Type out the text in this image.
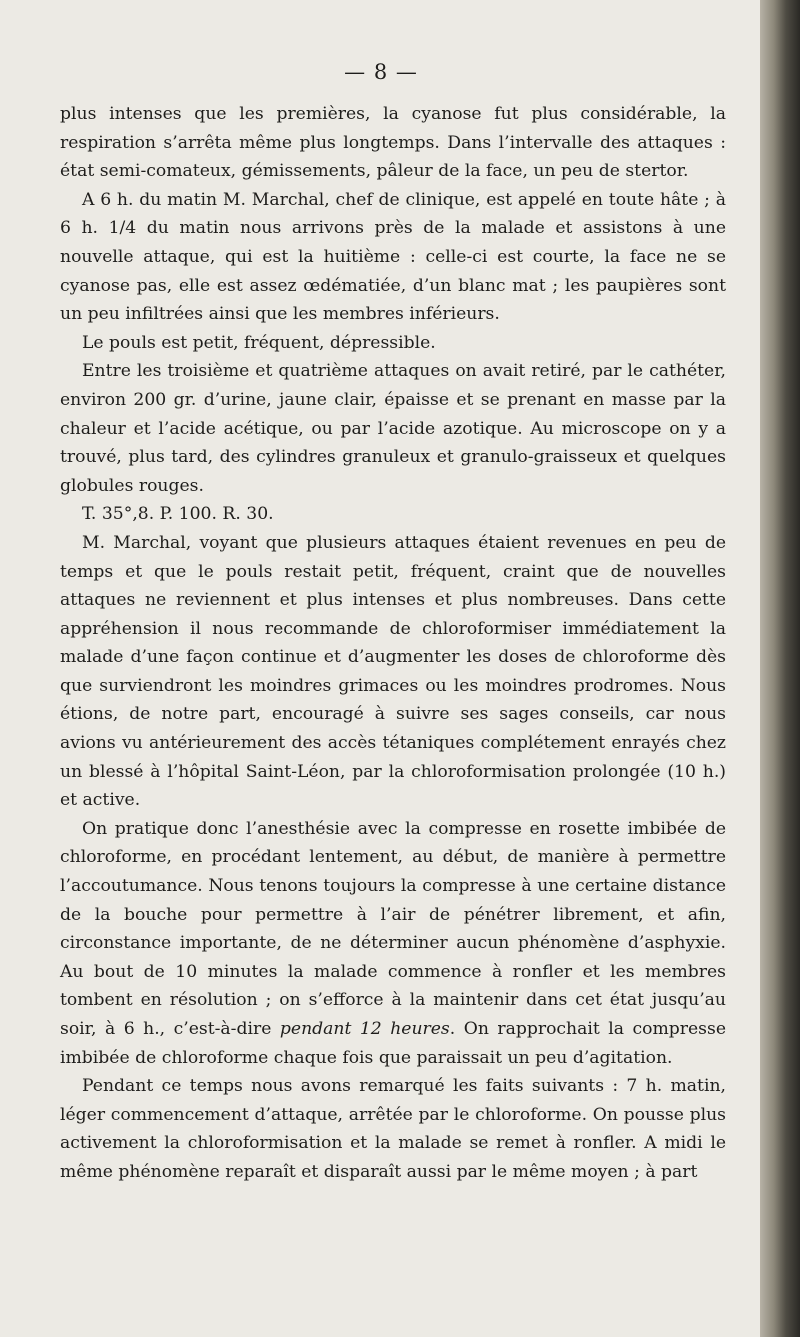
— 8 —

plus intenses que les premières, la cyanose fut plus considérable, la respiration s’arrêta même plus longtemps. Dans l’intervalle des attaques : état semi-comateux, gémissements, pâleur de la face, un peu de stertor.

A 6 h. du matin M. Marchal, chef de clinique, est appelé en toute hâte ; à 6 h. 1/4 du matin nous arrivons près de la malade et assistons à une nouvelle attaque, qui est la huitième : celle-ci est courte, la face ne se cyanose pas, elle est assez œdématiée, d’un blanc mat ; les paupières sont un peu infiltrées ainsi que les membres inférieurs.

Le pouls est petit, fréquent, dépressible.

Entre les troisième et quatrième attaques on avait retiré, par le cathéter, environ 200 gr. d’urine, jaune clair, épaisse et se prenant en masse par la chaleur et l’acide acétique, ou par l’acide azotique. Au microscope on y a trouvé, plus tard, des cylindres granuleux et granulo-graisseux et quelques globules rouges.

T. 35°,8. P. 100. R. 30.

M. Marchal, voyant que plusieurs attaques étaient revenues en peu de temps et que le pouls restait petit, fréquent, craint que de nouvelles attaques ne reviennent et plus intenses et plus nombreuses. Dans cette appréhension il nous recommande de chloroformiser immédiatement la malade d’une façon continue et d’augmenter les doses de chloroforme dès que surviendront les moindres grimaces ou les moindres prodromes. Nous étions, de notre part, encouragé à suivre ses sages conseils, car nous avions vu antérieurement des accès tétaniques complétement enrayés chez un blessé à l’hôpital Saint-Léon, par la chloroformisation prolongée (10 h.) et active.

On pratique donc l’anesthésie avec la compresse en rosette imbibée de chloroforme, en procédant lentement, au début, de manière à permettre l’accoutumance. Nous tenons toujours la compresse à une certaine distance de la bouche pour permettre à l’air de pénétrer librement, et afin, circonstance importante, de ne déterminer aucun phénomène d’asphyxie. Au bout de 10 minutes la malade commence à ronfler et les membres tombent en résolution ; on s’efforce à la maintenir dans cet état jusqu’au soir, à 6 h., c’est-à-dire pendant 12 heures. On rapprochait la compresse imbibée de chloroforme chaque fois que paraissait un peu d’agitation.

Pendant ce temps nous avons remarqué les faits suivants : 7 h. matin, léger commencement d’attaque, arrêtée par le chloroforme. On pousse plus activement la chloroformisation et la malade se remet à ronfler. A midi le même phénomène reparaît et disparaît aussi par le même moyen ; à part
